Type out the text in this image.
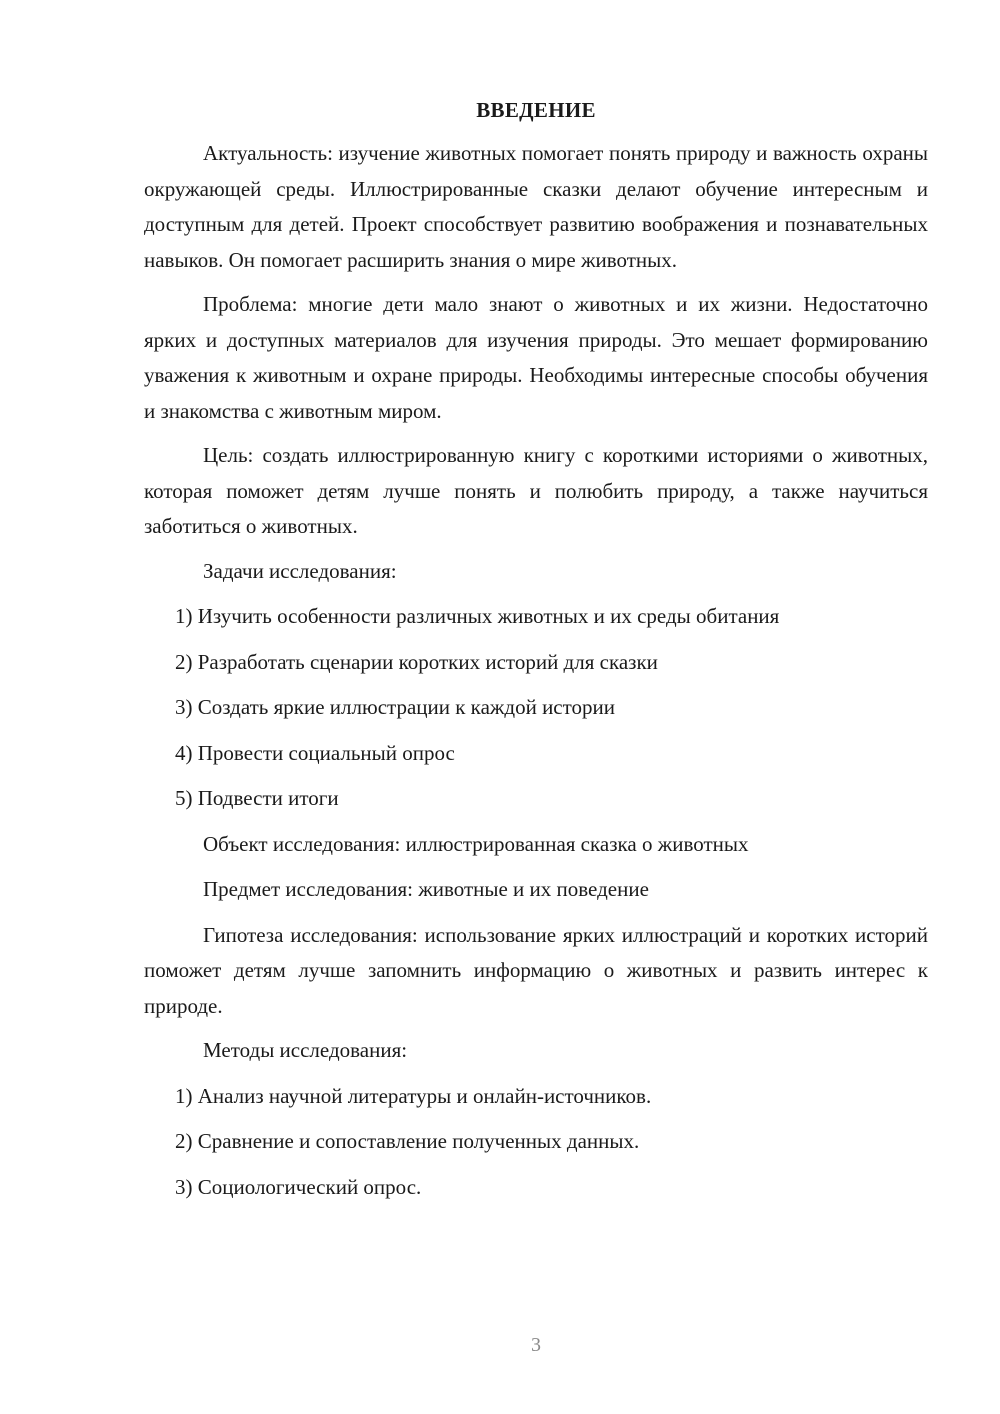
ВВЕДЕНИЕ

Актуальность: изучение животных помогает понять природу и важность охраны окружающей среды. Иллюстрированные сказки делают обучение интересным и доступным для детей. Проект способствует развитию воображения и познавательных навыков. Он помогает расширить знания о мире животных.

Проблема: многие дети мало знают о животных и их жизни. Недостаточно ярких и доступных материалов для изучения природы. Это мешает формированию уважения к животным и охране природы. Необходимы интересные способы обучения и знакомства с животным миром.

Цель: создать иллюстрированную книгу с короткими историями о животных, которая поможет детям лучше понять и полюбить природу, а также научиться заботиться о животных.

Задачи исследования:
1) Изучить особенности различных животных и их среды обитания
2) Разработать сценарии коротких историй для сказки
3) Создать яркие иллюстрации к каждой истории
4) Провести социальный опрос
5) Подвести итоги
Объект исследования: иллюстрированная сказка о животных
Предмет исследования: животные и их поведение

Гипотеза исследования: использование ярких иллюстраций и коротких историй поможет детям лучше запомнить информацию о животных и развить интерес к природе.

Методы исследования:
1) Анализ научной литературы и онлайн-источников.
2) Сравнение и сопоставление полученных данных.
3) Социологический опрос.
3
